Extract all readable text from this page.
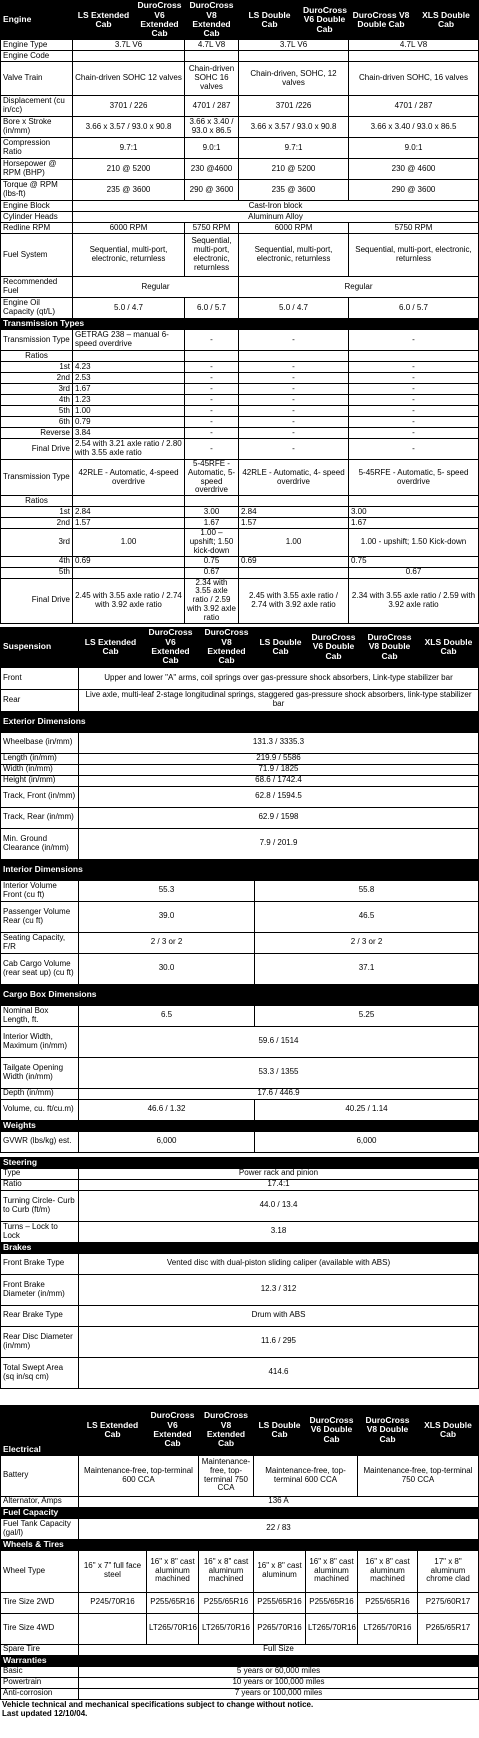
Engine	LS Extended Cab	DuroCross V6 Extended Cab	DuroCross V8 Extended Cab	LS Double Cab	DuroCross V6 Double Cab	DuroCross V8 Double Cab	XLS Double Cab
Engine Type	3.7L V6		4.7L V8	3.7L V6		4.7L V8	
Engine Code							
Valve Train	Chain-driven SOHC 12 valves		Chain-driven SOHC 16 valves	Chain-driven, SOHC, 12 valves		Chain-driven SOHC, 16 valves	
Displacement (cu in/cc)	3701 / 226		4701 / 287	3701 /226		4701 / 287	
Bore x Stroke (in/mm)	3.66 x 3.57 / 93.0 x 90.8		3.66 x 3.40 / 93.0 x 86.5	3.66 x 3.57 / 93.0 x 90.8		3.66 x 3.40 / 93.0 x 86.5	
Compression Ratio	9.7:1		9.0:1	9.7:1		9.0:1	
Horsepower @ RPM (BHP)	210 @ 5200		230 @4600	210 @ 5200		230 @ 4600	
Torque @ RPM (lbs-ft)	235 @ 3600		290 @ 3600	235 @ 3600		290 @ 3600	
Engine Block	Cast-Iron block						
Cylinder Heads	Aluminum Alloy						
Redline RPM	6000 RPM		5750 RPM	6000 RPM		5750 RPM	
Fuel System	Sequential, multi-port, electronic, returnless		Sequential, multi-port, electronic, returnless	Sequential, multi-port, electronic, returnless		Sequential, multi-port, electronic, returnless	
Recommended Fuel	Regular			Regular			
Engine Oil Capacity (qt/L)	5.0 / 4.7		6.0 / 5.7	5.0 / 4.7		6.0 / 5.7	
Transmission Types							
Transmission Type	GETRAG 238 – manual 6- speed overdrive		-	-		-	
Ratios							
1st	4.23		-	-		-	
2nd	2.53		-	-		-	
3rd	1.67		-	-		-	
4th	1.23		-	-		-	
5th	1.00		-	-		-	
6th	0.79		-	-		-	
Reverse	3.84		-	-		-	
Final Drive	2.54 with 3.21 axle ratio / 2.80 with 3.55 axle ratio		-	-		-	
Transmission Type	42RLE - Automatic, 4-speed overdrive		5-45RFE - Automatic, 5- speed overdrive	42RLE - Automatic, 4- speed overdrive		5-45RFE - Automatic, 5- speed overdrive	
Ratios							
1st	2.84		3.00	2.84		3.00	
2nd	1.57		1.67	1.57		1.67	
3rd	1.00		1.00 – upshift; 1.50 kick-down	1.00		1.00 - upshift; 1.50 Kick-down	
4th	0.69		0.75	0.69		0.75	
5th			0.67			0.67	
Final Drive	2.45 with 3.55 axle ratio / 2.74 with 3.92 axle ratio		2.34 with 3.55 axle ratio / 2.59 with 3.92 axle ratio	2.45 with 3.55 axle ratio / 2.74 with 3.92 axle ratio		2.34 with 3.55 axle ratio / 2.59 with 3.92 axle ratio	
Suspension	LS Extended Cab	DuroCross V6 Extended Cab	DuroCross V8 Extended Cab	LS Double Cab	DuroCross V6 Double Cab	DuroCross V8 Double Cab	XLS Double Cab
Front	Upper and lower "A" arms, coil springs over gas-pressure shock absorbers, Link-type stabilizer bar						
Rear	Live axle, multi-leaf 2-stage longitudinal springs, staggered gas-pressure shock absorbers, link-type stabilizer bar						
Exterior Dimensions							
Wheelbase (in/mm)	131.3 / 3335.3						
Length (in/mm)	219.9 / 5586						
Width (in/mm)	71.9 / 1825						
Height (in/mm)	68.6 / 1742.4						
Track, Front (in/mm)	62.8 / 1594.5						
Track, Rear (in/mm)	62.9 / 1598						
Min. Ground Clearance (in/mm)	7.9 / 201.9						
Interior Dimensions							
Interior Volume Front (cu ft)	55.3			55.8			
Passenger Volume Rear (cu ft)	39.0			46.5			
Seating Capacity, F/R	2 / 3 or 2			2 / 3 or 2			
Cab Cargo Volume (rear seat up) (cu ft)	30.0			37.1			
Cargo Box Dimensions							
Nominal Box Length, ft.	6.5			5.25			
Interior Width, Maximum (in/mm)	59.6 / 1514						
Tailgate Opening Width (in/mm)	53.3 / 1355						
Depth (in/mm)	17.6 / 446.9						
Volume, cu. ft/cu.m)	46.6 / 1.32			40.25 / 1.14			
Weights							
GVWR (lbs/kg) est.	6,000			6,000			
Steering	
Type	Power rack and pinion
Ratio	17.4:1
Turning Circle- Curb to Curb (ft/m)	44.0 / 13.4
Turns – Lock to Lock	3.18
Brakes	
Front Brake Type	Vented disc with dual-piston sliding caliper (available with ABS)
Front Brake Diameter (in/mm)	12.3 / 312
Rear Brake Type	Drum with ABS
Rear Disc Diameter (in/mm)	11.6 / 295
Total Swept Area (sq in/sq cm)	414.6
Electrical	LS Extended Cab	DuroCross V6 Extended Cab	DuroCross V8 Extended Cab	LS Double Cab	DuroCross V6 Double Cab	DuroCross V8 Double Cab	XLS Double Cab
Battery	Maintenance-free, top-terminal 600 CCA		Maintenance-free, top-terminal 750 CCA	Maintenance-free, top-terminal 600 CCA		Maintenance-free, top-terminal 750 CCA	
Alternator, Amps	136 A						
Fuel Capacity							
Fuel Tank Capacity (gal/l)	22 / 83						
Wheels & Tires							
Wheel Type	16" x 7" full face steel	16" x 8" cast aluminum machined	16" x 8" cast aluminum machined	16" x 8" cast aluminum	16" x 8" cast aluminum machined	16" x 8" cast aluminum machined	17" x 8" aluminum chrome clad
Tire Size 2WD	P245/70R16	P255/65R16	P255/65R16	P255/65R16	P255/65R16	P255/65R16	P275/60R17
Tire Size 4WD		LT265/70R16	LT265/70R16	P265/70R16	LT265/70R16	LT265/70R16	P265/65R17
Spare Tire	Full Size						
Warranties							
Basic	5 years or 60,000 miles						
Powertrain	10 years or 100,000 miles						
Anti-corrosion	7 years or 100,000 miles						
Vehicle technical and mechanical specifications subject to change without notice.
Last updated 12/10/04.
